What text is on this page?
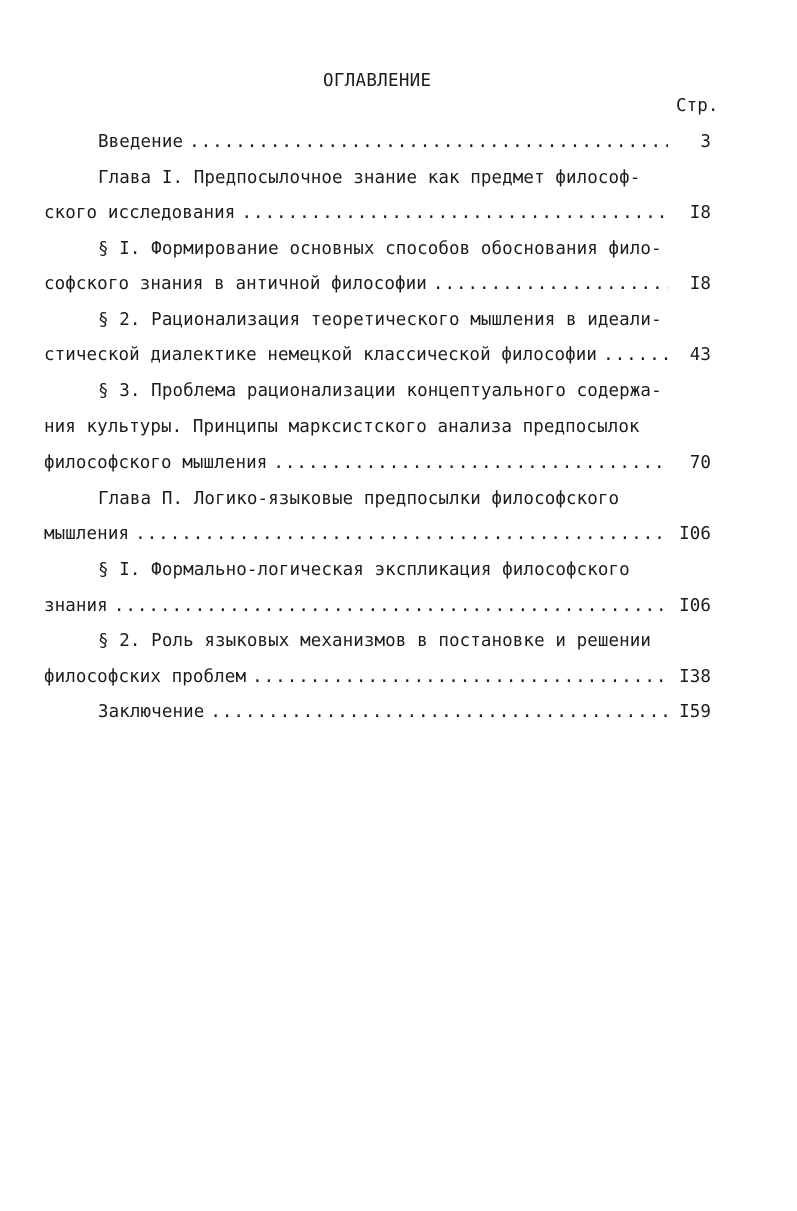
ОГЛАВЛЕНИЕ
Стр.
Введение .....	3
Глава I. Предпосылочное знание как предмет философ-
ского исследования .....	I8
§ I. Формирование основных способов обоснования фило-
софского знания в античной философии .....	I8
§ 2. Рационализация теоретического мышления в идеали-
стической диалектике немецкой классической философии .....	43
§ 3. Проблема рационализации концептуального содержа-
ния культуры. Принципы марксистского анализа предпосылок
философского мышления .....	70
Глава П. Логико-языковые предпосылки философского
мышления .....	I06
§ I. Формально-логическая экспликация философского
знания .....	I06
§ 2. Роль языковых механизмов в постановке и решении
философских проблем .....	I38
Заключение .....	I59
